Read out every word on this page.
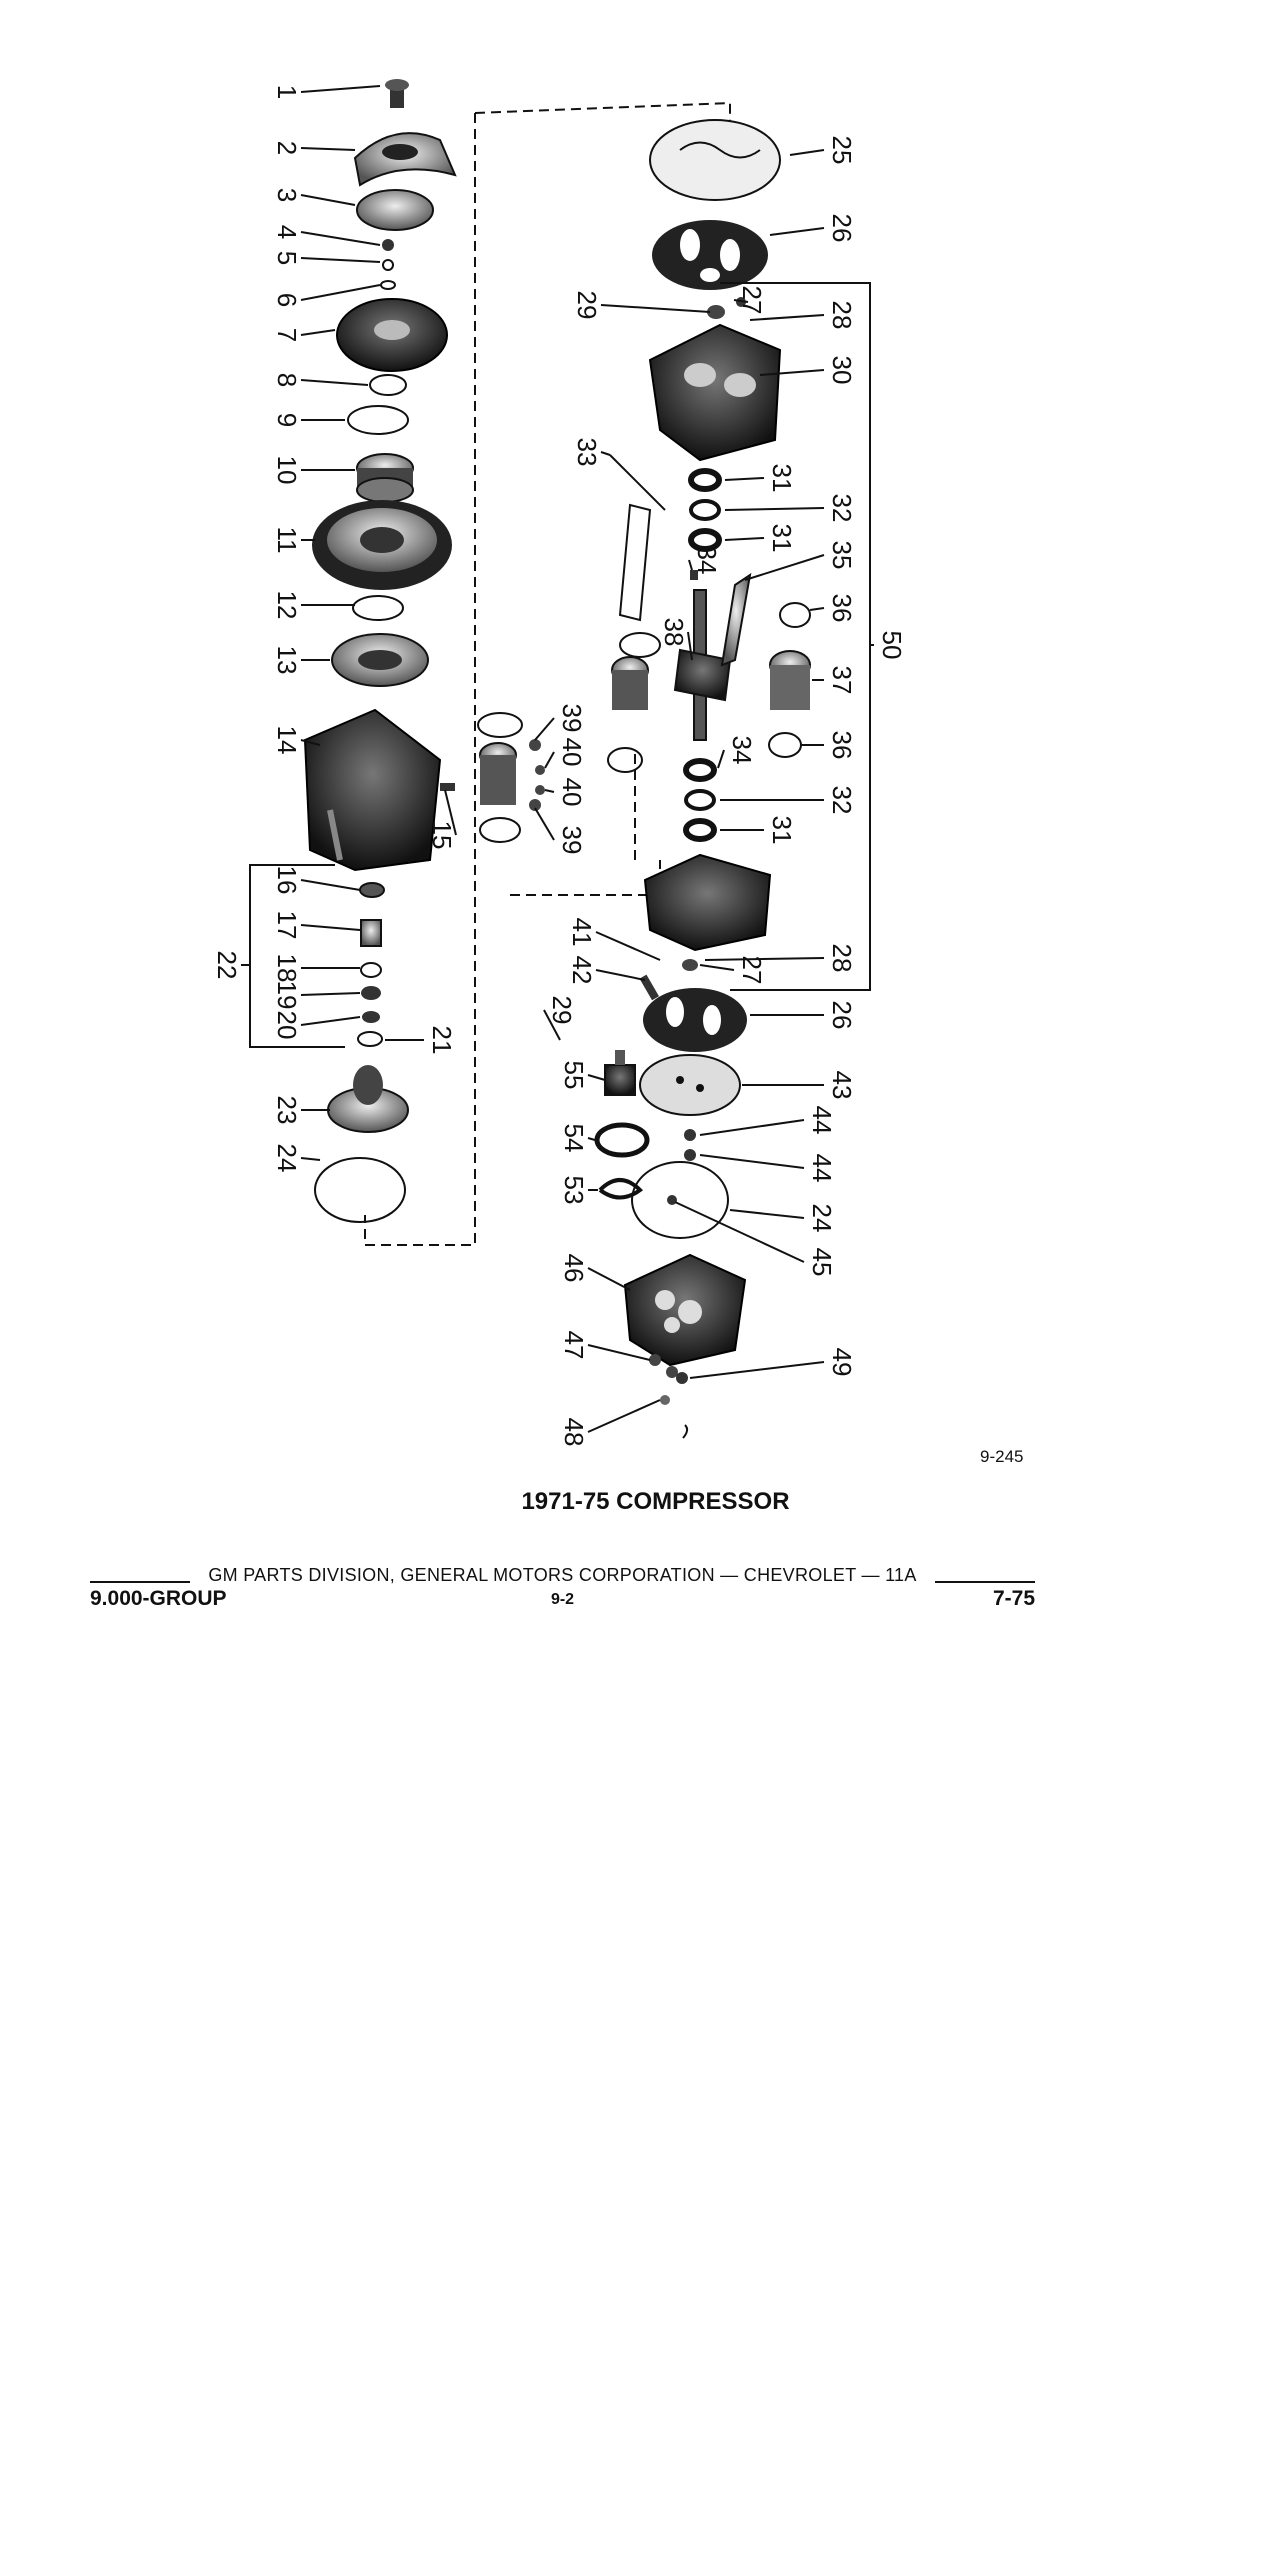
1
2
3
4
5
6
7
8
9
10
11
12
13
14
15
16
17
18
19
20
21
22
23
24
25
26
27
28
29
30
31
32
31
34
33
35
36
38
37
39
40
40
39
34	36
32
31
50
41
42
29
27 28
26
55	43
54
44
44
53
24
45
46
47
49
48
9-245
1971-75 COMPRESSOR
GM PARTS DIVISION, GENERAL MOTORS CORPORATION — CHEVROLET — 11A
9.000-GROUP	9-2	7-75
